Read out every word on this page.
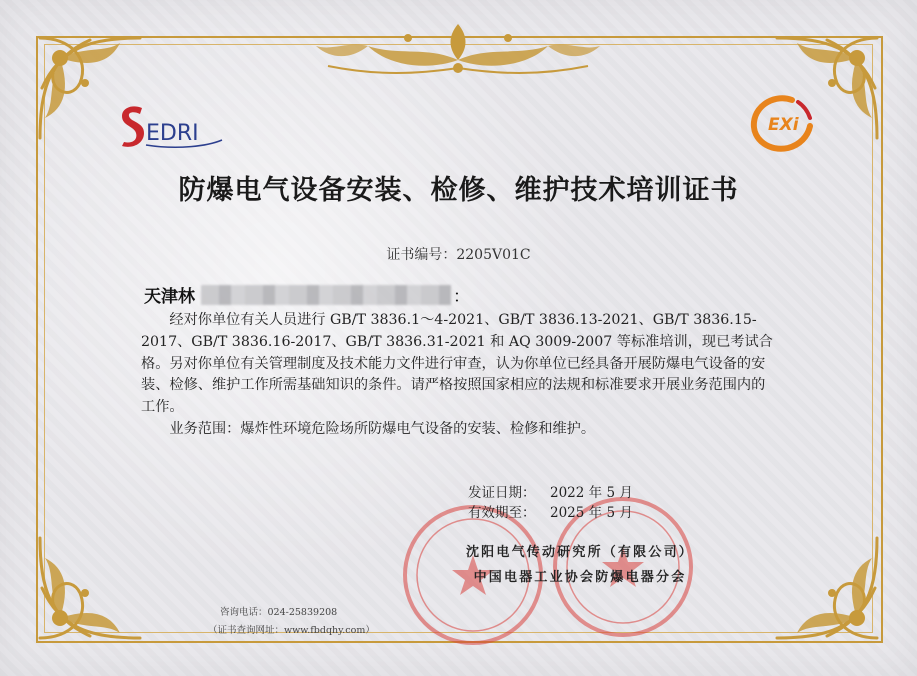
EDRI	EXi
防爆电气设备安装、检修、维护技术培训证书
证书编号：2205V01C
天津 林	：

经对你单位有关人员进行 GB/T 3836.1～4-2021、GB/T 3836.13-2021、GB/T 3836.15-2017、GB/T 3836.16-2017、GB/T 3836.31-2021 和 AQ 3009-2007 等标准培训，现已考试合格。另对你单位有关管理制度及技术能力文件进行审查，认为你单位已经具备开展防爆电气设备的安装、检修、维护工作所需基础知识的条件。请严格按照国家相应的法规和标准要求开展业务范围内的工作。

业务范围：爆炸性环境危险场所防爆电气设备的安装、检修和维护。

发证日期：	2022 年 5 月
有效期至：	2025 年 5 月
沈阳电气传动研究所（有限公司）
中国电器工业协会防爆电器分会
咨询电话：024-25839208
（证书查询网址：www.fbdqhy.com）
